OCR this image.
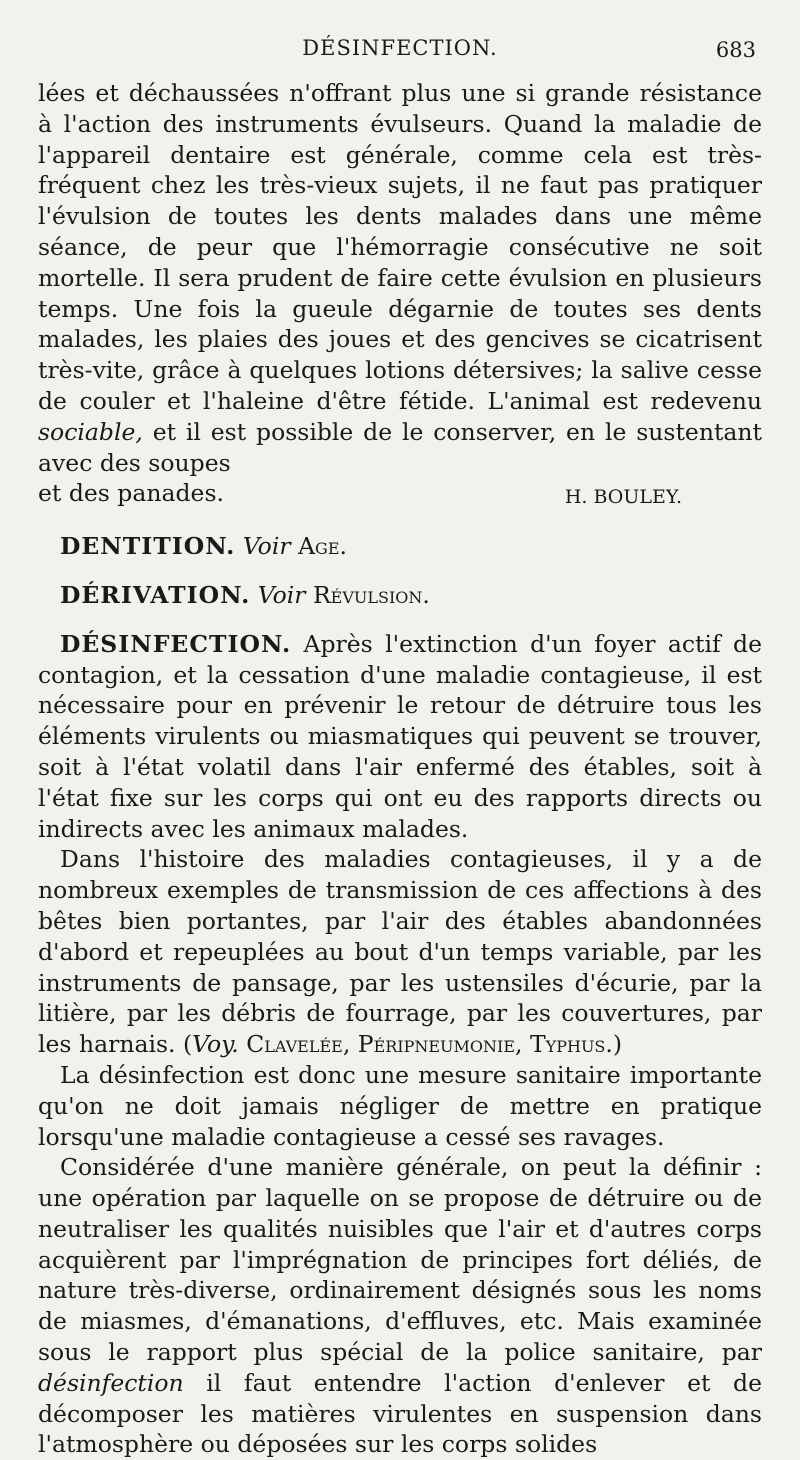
DÉSINFECTION.	683

lées et déchaussées n'offrant plus une si grande résistance à l'action des instruments évulseurs. Quand la maladie de l'appareil dentaire est générale, comme cela est très-fréquent chez les très-vieux sujets, il ne faut pas pratiquer l'évulsion de toutes les dents malades dans une même séance, de peur que l'hémorragie consécutive ne soit mortelle. Il sera prudent de faire cette évulsion en plusieurs temps. Une fois la gueule dégarnie de toutes ses dents malades, les plaies des joues et des gencives se cicatrisent très-vite, grâce à quelques lotions détersives; la salive cesse de couler et l'haleine d'être fétide. L'animal est redevenu sociable, et il est possible de le conserver, en le sustentant avec des soupes

et des panades.	H. BOULEY.

DENTITION. Voir Age.

DÉRIVATION. Voir Révulsion.

DÉSINFECTION. Après l'extinction d'un foyer actif de contagion, et la cessation d'une maladie contagieuse, il est nécessaire pour en prévenir le retour de détruire tous les éléments virulents ou miasmatiques qui peuvent se trouver, soit à l'état volatil dans l'air enfermé des étables, soit à l'état fixe sur les corps qui ont eu des rapports directs ou indirects avec les animaux malades.

Dans l'histoire des maladies contagieuses, il y a de nombreux exemples de transmission de ces affections à des bêtes bien portantes, par l'air des étables abandonnées d'abord et repeuplées au bout d'un temps variable, par les instruments de pansage, par les ustensiles d'écurie, par la litière, par les débris de fourrage, par les couvertures, par les harnais. (Voy. Clavelée, Péripneumonie, Typhus.)

La désinfection est donc une mesure sanitaire importante qu'on ne doit jamais négliger de mettre en pratique lorsqu'une maladie contagieuse a cessé ses ravages.

Considérée d'une manière générale, on peut la définir : une opération par laquelle on se propose de détruire ou de neutraliser les qualités nuisibles que l'air et d'autres corps acquièrent par l'imprégnation de principes fort déliés, de nature très-diverse, ordinairement désignés sous les noms de miasmes, d'émanations, d'effluves, etc. Mais examinée sous le rapport plus spécial de la police sanitaire, par désinfection il faut entendre l'action d'enlever et de décomposer les matières virulentes en suspension dans l'atmosphère ou déposées sur les corps solides
